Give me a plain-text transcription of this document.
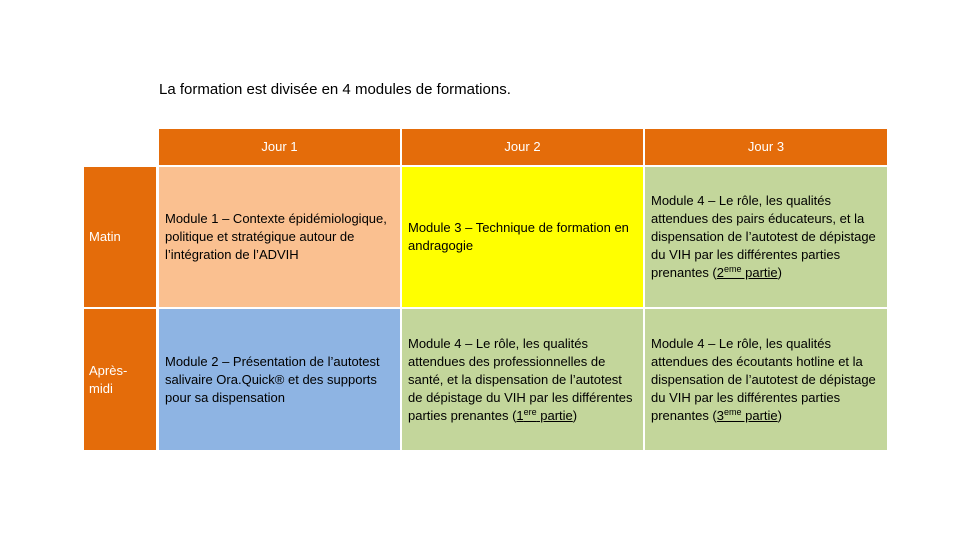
La formation est divisée en 4 modules de formations.
Jour 1	Jour 2	Jour 3
Matin
Après-
midi
Module 1 – Contexte épidémiologique, politique et stratégique autour de l’intégration de l’ADVIH
Module 3 – Technique de formation en andragogie
Module 4 – Le rôle, les qualités attendues des pairs éducateurs, et la dispensation de l’autotest de dépistage du VIH par les différentes parties prenantes (2eme partie)
Module 2 – Présentation de l’autotest salivaire Ora.Quick® et des supports pour sa dispensation
Module 4 – Le rôle, les qualités attendues des professionnelles de santé, et la dispensation de l’autotest de dépistage du VIH par les différentes parties prenantes (1ere partie)
Module 4 – Le rôle, les qualités attendues des écoutants hotline et la dispensation de l’autotest de dépistage du VIH par les différentes parties prenantes (3eme partie)
